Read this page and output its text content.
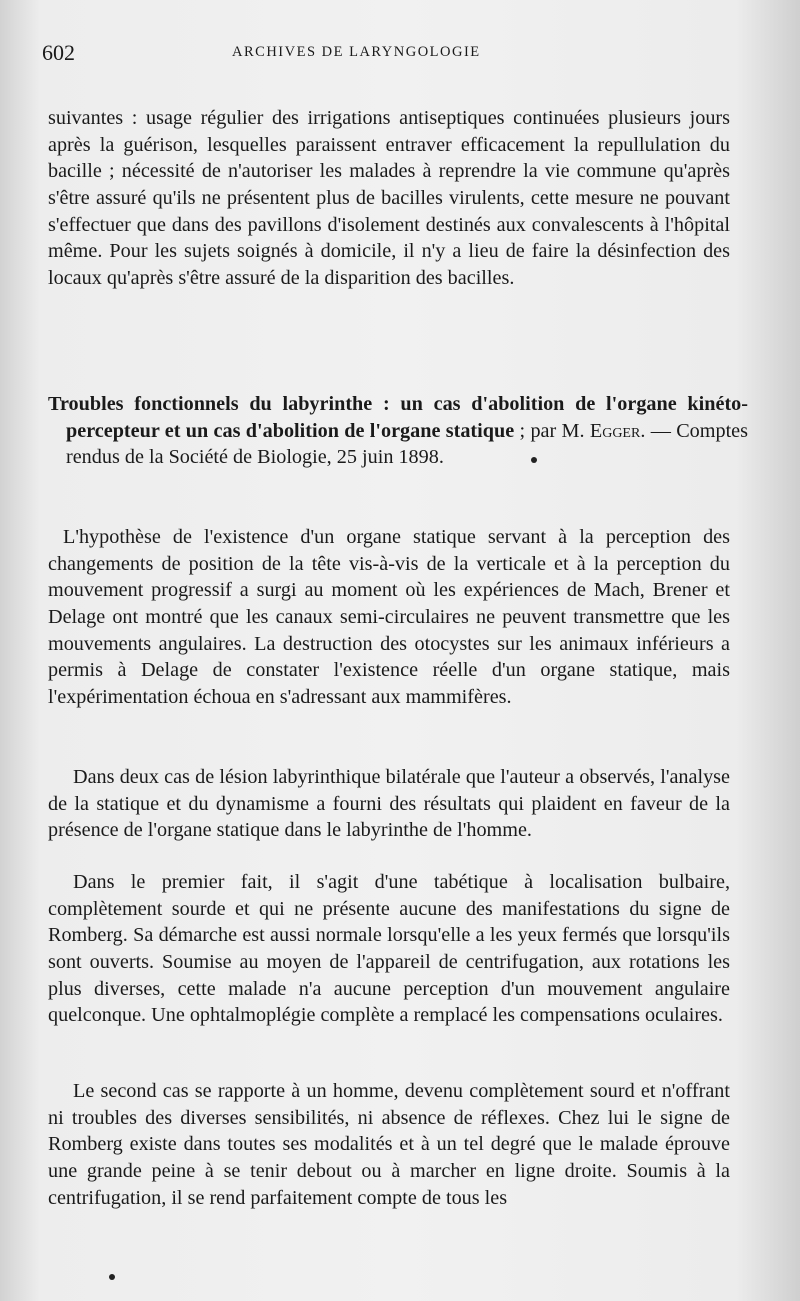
602	ARCHIVES DE LARYNGOLOGIE

suivantes : usage régulier des irrigations antiseptiques continuées plusieurs jours après la guérison, lesquelles paraissent entraver efficacement la repullulation du bacille ; nécessité de n'autoriser les malades à reprendre la vie commune qu'après s'être assuré qu'ils ne présentent plus de bacilles virulents, cette mesure ne pouvant s'effectuer que dans des pavillons d'isolement destinés aux convalescents à l'hôpital même. Pour les sujets soignés à domicile, il n'y a lieu de faire la désinfection des locaux qu'après s'être assuré de la disparition des bacilles.

Troubles fonctionnels du labyrinthe : un cas d'abolition de l'organe kinéto-percepteur et un cas d'abolition de l'organe statique ; par M. Egger. — Comptes rendus de la Société de Biologie, 25 juin 1898.

L'hypothèse de l'existence d'un organe statique servant à la perception des changements de position de la tête vis-à-vis de la verticale et à la perception du mouvement progressif a surgi au moment où les expériences de Mach, Brener et Delage ont montré que les canaux semi-circulaires ne peuvent transmettre que les mouvements angulaires. La destruction des otocystes sur les animaux inférieurs a permis à Delage de constater l'existence réelle d'un organe statique, mais l'expérimentation échoua en s'adressant aux mammifères.

Dans deux cas de lésion labyrinthique bilatérale que l'auteur a observés, l'analyse de la statique et du dynamisme a fourni des résultats qui plaident en faveur de la présence de l'organe statique dans le labyrinthe de l'homme.

Dans le premier fait, il s'agit d'une tabétique à localisation bulbaire, complètement sourde et qui ne présente aucune des manifestations du signe de Romberg. Sa démarche est aussi normale lorsqu'elle a les yeux fermés que lorsqu'ils sont ouverts. Soumise au moyen de l'appareil de centrifugation, aux rotations les plus diverses, cette malade n'a aucune perception d'un mouvement angulaire quelconque. Une ophtalmoplégie complète a remplacé les compensations oculaires.

Le second cas se rapporte à un homme, devenu complètement sourd et n'offrant ni troubles des diverses sensibilités, ni absence de réflexes. Chez lui le signe de Romberg existe dans toutes ses modalités et à un tel degré que le malade éprouve une grande peine à se tenir debout ou à marcher en ligne droite. Soumis à la centrifugation, il se rend parfaitement compte de tous les
